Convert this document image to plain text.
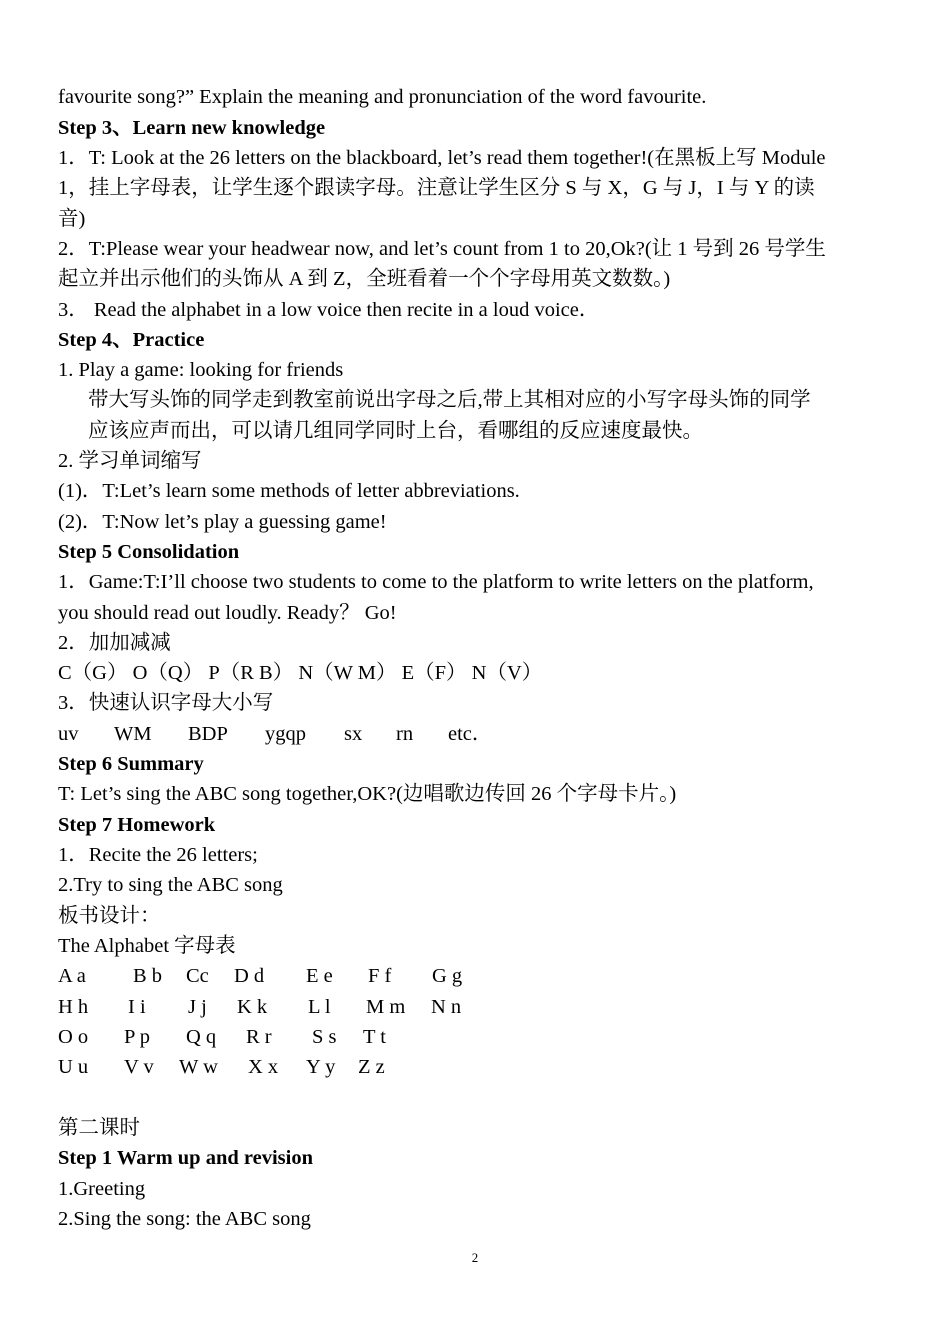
favourite song?” Explain the meaning and pronunciation of the word favourite.
Step 3、Learn new knowledge
1．T: Look at the 26 letters on the blackboard, let’s read them together!(在黑板上写 Module
1，挂上字母表，让学生逐个跟读字母。注意让学生区分 S 与 X，G 与 J，I 与 Y 的读
音)
2．T:Please wear your headwear now, and let’s count from 1 to 20,Ok?(让 1 号到 26 号学生
起立并出示他们的头饰从 A 到 Z，全班看着一个个字母用英文数数。)
3． Read the alphabet in a low voice then recite in a loud voice．
Step 4、Practice
1. Play a game: looking for friends
带大写头饰的同学走到教室前说出字母之后,带上其相对应的小写字母头饰的同学
应该应声而出，可以请几组同学同时上台，看哪组的反应速度最快。
2. 学习单词缩写
(1)．T:Let’s learn some methods of letter abbreviations.
(2)．T:Now let’s play a guessing game!
Step 5 Consolidation
1．Game:T:I’ll choose two students to come to the platform to write letters on the platform,
you should read out loudly. Ready？ Go!
2．加加减减
C（G） O（Q） P（R B） N（W M） E（F） N（V）
3．快速认识字母大小写
uv WM BDP ygqp sx rn etc．
Step 6 Summary
T: Let’s sing the ABC song together,OK?(边唱歌边传回 26 个字母卡片。)
Step 7 Homework
1．Recite the 26 letters;
2.Try to sing the ABC song
板书设计：
The Alphabet 字母表
A a B b Cc D d E e F f G g
H h I i J j K k L l M m N n
O o P p Q q R r S s T t
U u V v W w X x Y y Z z
第二课时
Step 1 Warm up and revision
1.Greeting
2.Sing the song: the ABC song
2
